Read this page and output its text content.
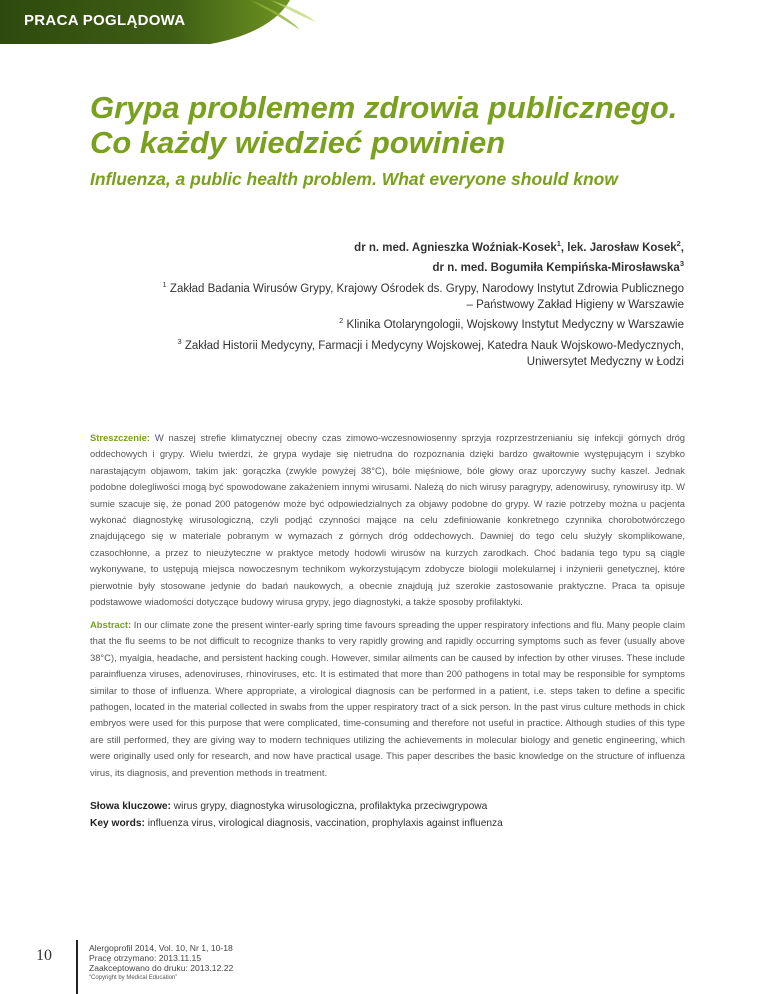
PRACA POGLĄDOWA
Grypa problemem zdrowia publicznego.
Co każdy wiedzieć powinien
Influenza, a public health problem. What everyone should know
dr n. med. Agnieszka Woźniak-Kosek$^1$, lek. Jarosław Kosek$^2$,
dr n. med. Bogumiła Kempińska-Mirosławska$^3$
$^1$ Zakład Badania Wirusów Grypy, Krajowy Ośrodek ds. Grypy, Narodowy Instytut Zdrowia Publicznego
– Państwowy Zakład Higieny w Warszawie
$^2$ Klinika Otolaryngologii, Wojskowy Instytut Medyczny w Warszawie
$^3$ Zakład Historii Medycyny, Farmacji i Medycyny Wojskowej, Katedra Nauk Wojskowo-Medycznych,
Uniwersytet Medyczny w Łodzi

Streszczenie: W naszej strefie klimatycznej obecny czas zimowo-wczesnowiosenny sprzyja rozprzestrzenianiu się infekcji górnych dróg oddechowych i grypy. Wielu twierdzi, że grypa wydaje się nietrudna do rozpoznania dzięki bardzo gwałtownie występującym i szybko narastającym objawom, takim jak: gorączka (zwykle powyżej 38°C), bóle mięśniowe, bóle głowy oraz uporczywy suchy kaszel. Jednak podobne dolegliwości mogą być spowodowane zakażeniem innymi wirusami. Należą do nich wirusy paragrypy, adenowirusy, rynowirusy itp. W sumie szacuje się, że ponad 200 patogenów może być odpowiedzialnych za objawy podobne do grypy. W razie potrzeby można u pacjenta wykonać diagnostykę wirusologiczną, czyli podjąć czynności mające na celu zdefiniowanie konkretnego czynnika chorobotwórczego znajdującego się w materiale pobranym w wymazach z górnych dróg oddechowych. Dawniej do tego celu służyły skomplikowane, czasochłonne, a przez to nieużyteczne w praktyce metody hodowli wirusów na kurzych zarodkach. Choć badania tego typu są ciągle wykonywane, to ustępują miejsca nowoczesnym technikom wykorzystującym zdobycze biologii molekularnej i inżynierii genetycznej, które pierwotnie były stosowane jedynie do badań naukowych, a obecnie znajdują już szerokie zastosowanie praktyczne. Praca ta opisuje podstawowe wiadomości dotyczące budowy wirusa grypy, jego diagnostyki, a także sposoby profilaktyki.

Abstract: In our climate zone the present winter-early spring time favours spreading the upper respiratory infections and flu. Many people claim that the flu seems to be not difficult to recognize thanks to very rapidly growing and rapidly occurring symptoms such as fever (usually above 38°C), myalgia, headache, and persistent hacking cough. However, similar ailments can be caused by infection by other viruses. These include parainfluenza viruses, adenoviruses, rhinoviruses, etc. It is estimated that more than 200 pathogens in total may be responsible for symptoms similar to those of influenza. Where appropriate, a virological diagnosis can be performed in a patient, i.e. steps taken to define a specific pathogen, located in the material collected in swabs from the upper respiratory tract of a sick person. In the past virus culture methods in chick embryos were used for this purpose that were complicated, time-consuming and therefore not useful in practice. Although studies of this type are still performed, they are giving way to modern techniques utilizing the achievements in molecular biology and genetic engineering, which were originally used only for research, and now have practical usage. This paper describes the basic knowledge on the structure of influenza virus, its diagnosis, and prevention methods in treatment.

Słowa kluczowe: wirus grypy, diagnostyka wirusologiczna, profilaktyka przeciwgrypowa
Key words: influenza virus, virological diagnosis, vaccination, prophylaxis against influenza
10	Alergoprofil 2014, Vol. 10, Nr 1, 10-18
Pracę otrzymano: 2013.11.15
Zaakceptowano do druku: 2013.12.22
“Copyright by Medical Education”
